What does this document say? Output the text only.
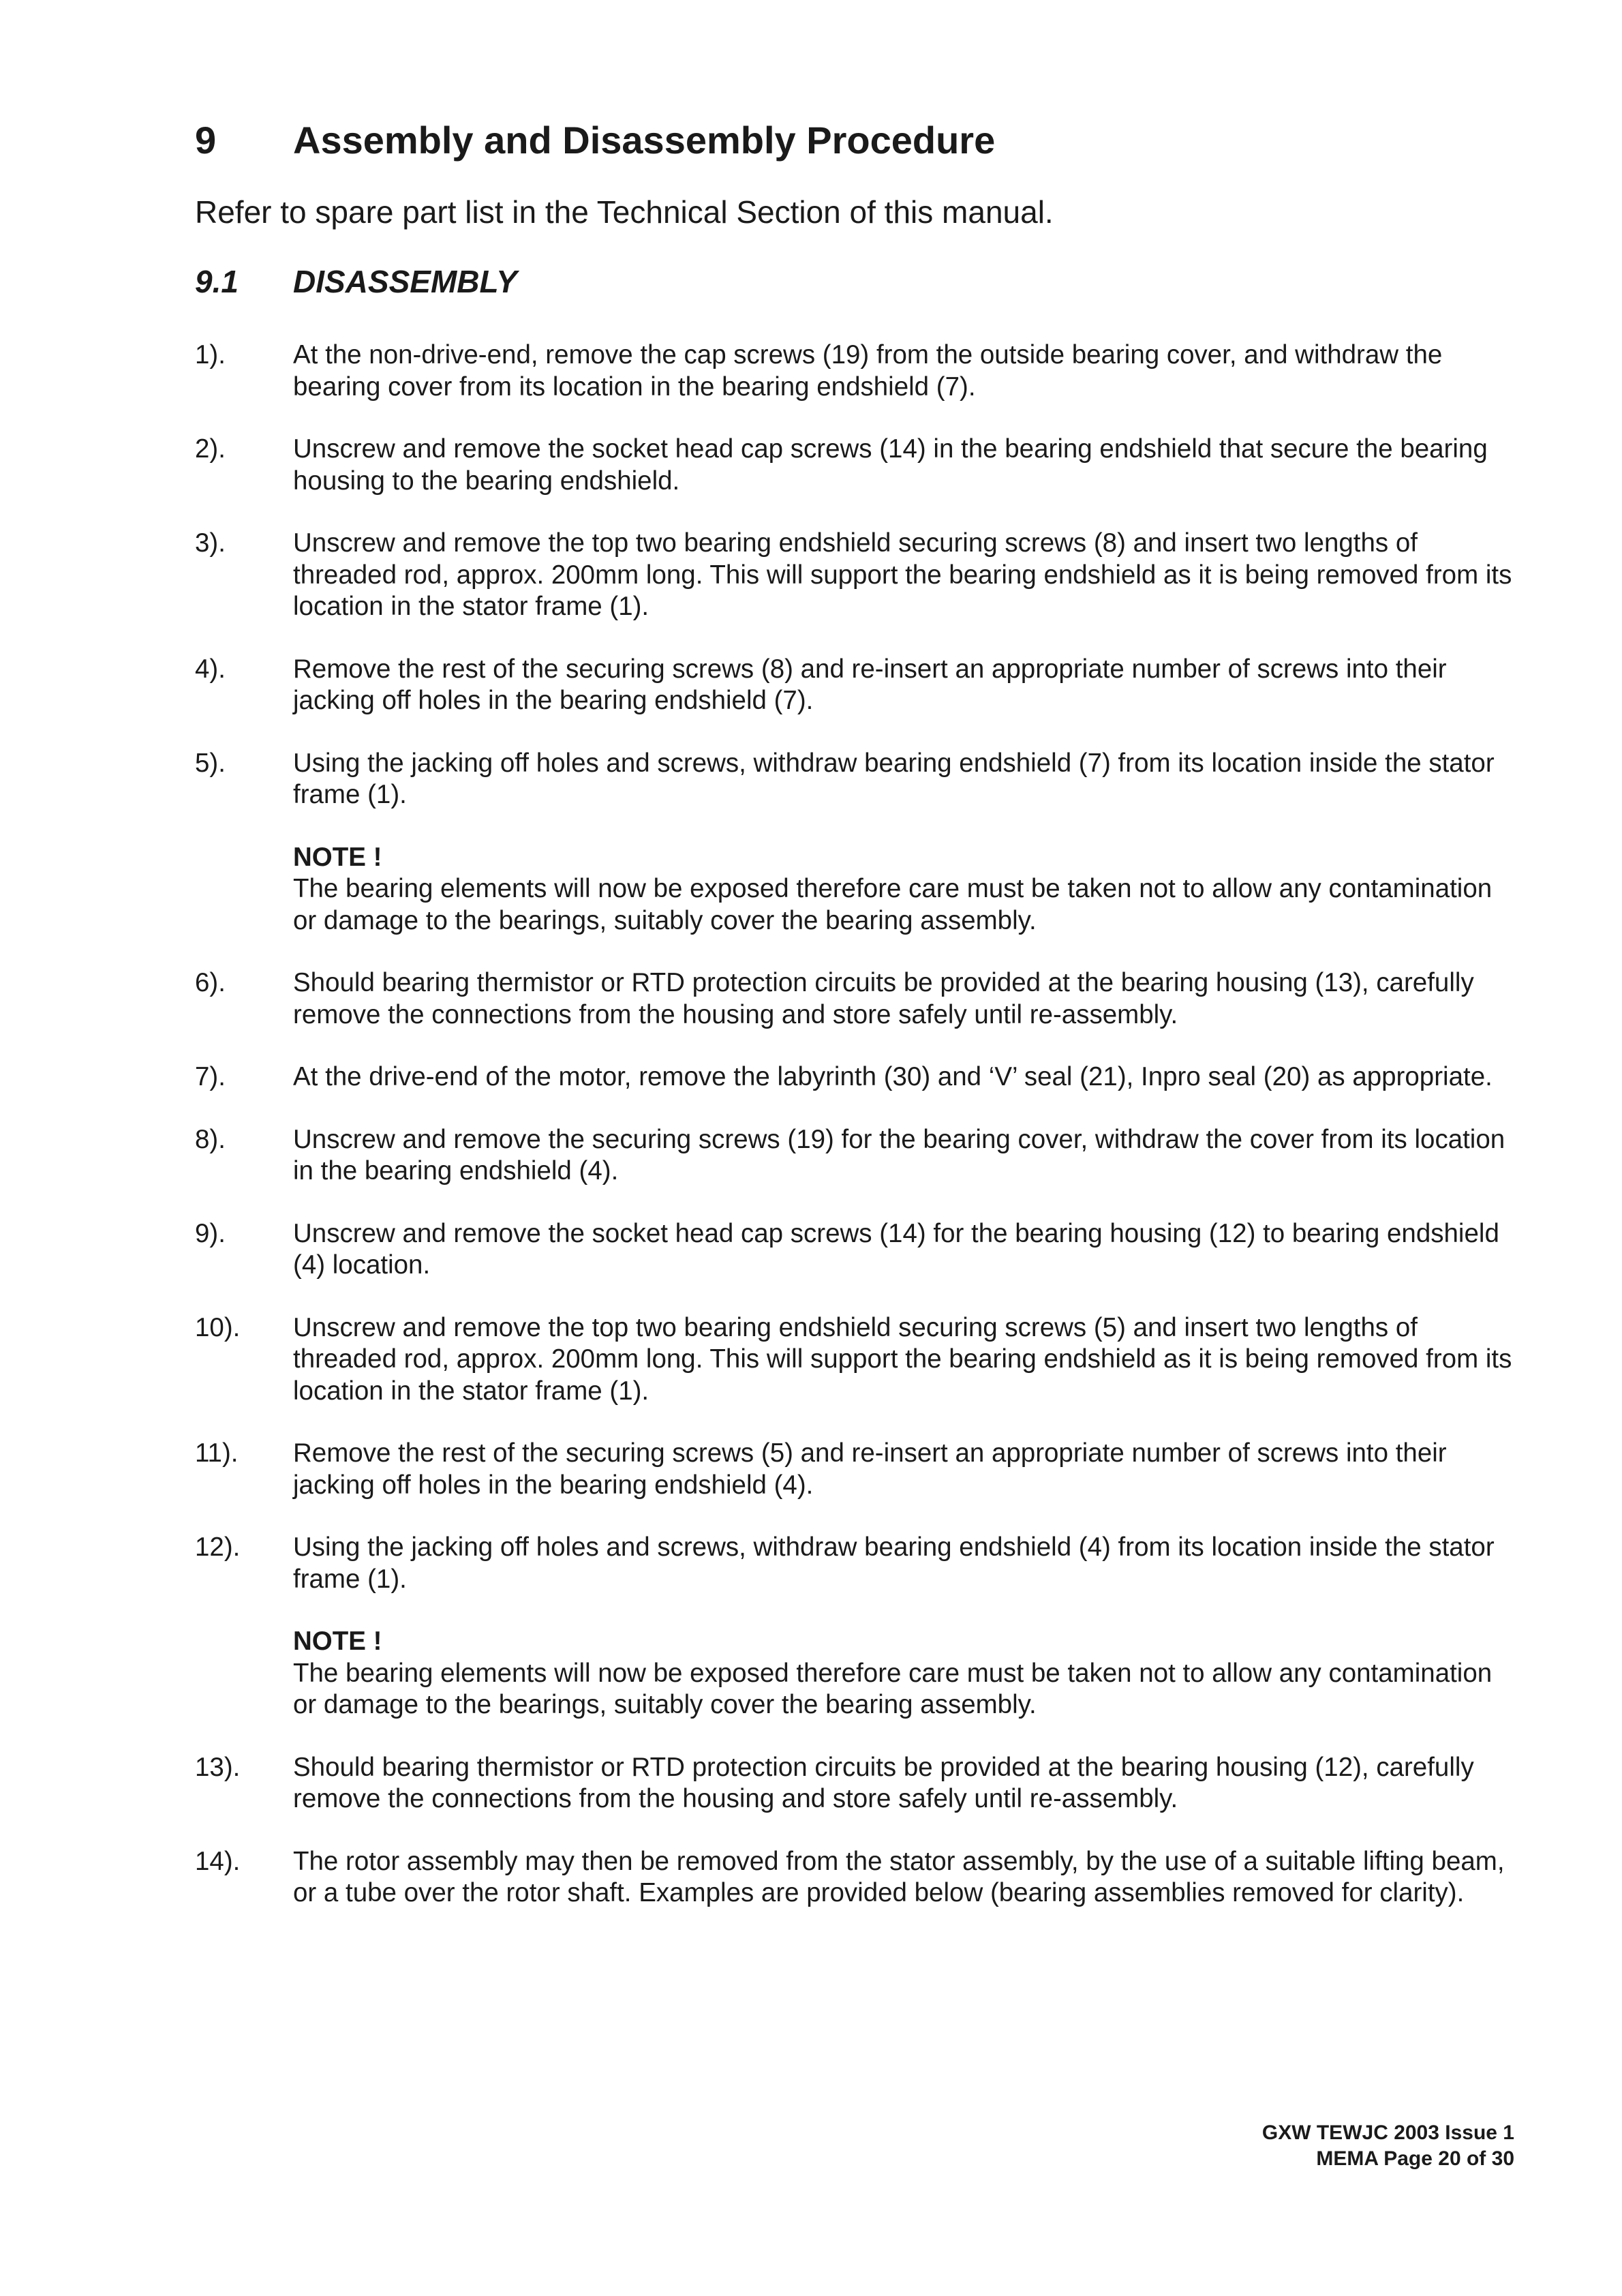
9	Assembly and Disassembly Procedure

Refer to spare part list in the Technical Section of this manual.

9.1	DISASSEMBLY
1).	At the non-drive-end, remove the cap screws (19) from the outside bearing cover, and withdraw the bearing cover from its location in the bearing endshield (7).
2).	Unscrew and remove the socket head cap screws (14) in the bearing endshield that secure the bearing housing to the bearing endshield.
3).	Unscrew and remove the top two bearing endshield securing screws (8) and insert two lengths of threaded rod, approx. 200mm long. This will support the bearing endshield as it is being removed from its location in the stator frame (1).
4).	Remove the rest of the securing screws (8) and re-insert an appropriate number of screws into their jacking off holes in the bearing endshield (7).
5).	Using the jacking off holes and screws, withdraw bearing endshield (7) from its location inside the stator frame (1).
NOTE !
The bearing elements will now be exposed therefore care must be taken not to allow any contamination or damage to the bearings, suitably cover the bearing assembly.
6).	Should bearing thermistor or RTD protection circuits be provided at the bearing housing (13), carefully remove the connections from the housing and store safely until re-assembly.
7).	At the drive-end of the motor, remove the labyrinth (30) and ‘V’ seal (21), Inpro seal (20) as appropriate.
8).	Unscrew and remove the securing screws (19) for the bearing cover, withdraw the cover from its location in the bearing endshield (4).
9).	Unscrew and remove the socket head cap screws (14) for the bearing housing (12) to bearing endshield (4) location.
10).	Unscrew and remove the top two bearing endshield securing screws (5) and insert two lengths of threaded rod, approx. 200mm long. This will support the bearing endshield as it is being removed from its location in the stator frame (1).
11).	Remove the rest of the securing screws (5) and re-insert an appropriate number of screws into their jacking off holes in the bearing endshield (4).
12).	Using the jacking off holes and screws, withdraw bearing endshield (4) from its location inside the stator frame (1).
NOTE !
The bearing elements will now be exposed therefore care must be taken not to allow any contamination or damage to the bearings, suitably cover the bearing assembly.
13).	Should bearing thermistor or RTD protection circuits be provided at the bearing housing (12), carefully remove the connections from the housing and store safely until re-assembly.
14).	The rotor assembly may then be removed from the stator assembly, by the use of a suitable lifting beam, or a tube over the rotor shaft. Examples are provided below (bearing assemblies removed for clarity).
GXW TEWJC 2003 Issue 1
MEMA Page 20 of 30
